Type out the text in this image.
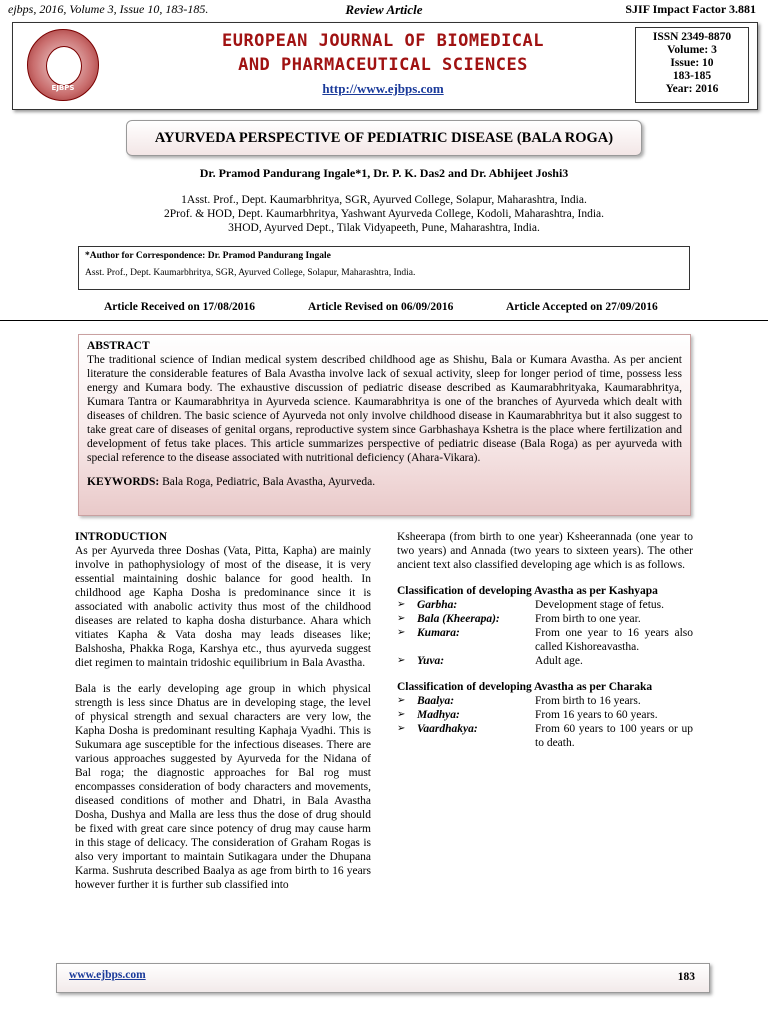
ejbps, 2016, Volume 3, Issue 10, 183-185.	Review Article	SJIF Impact Factor 3.881
EJBPS
EUROPEAN JOURNAL OF BIOMEDICAL
AND PHARMACEUTICAL SCIENCES
http://www.ejbps.com
ISSN 2349-8870
Volume: 3
Issue: 10
183-185
Year: 2016
AYURVEDA PERSPECTIVE OF PEDIATRIC DISEASE (BALA ROGA)
Dr. Pramod Pandurang Ingale*1, Dr. P. K. Das2 and Dr. Abhijeet Joshi3
1Asst. Prof., Dept. Kaumarbhritya, SGR, Ayurved College, Solapur, Maharashtra, India.
2Prof. & HOD, Dept. Kaumarbhritya, Yashwant Ayurveda College, Kodoli, Maharashtra, India.
3HOD, Ayurved Dept., Tilak Vidyapeeth, Pune, Maharashtra, India.
*Author for Correspondence: Dr. Pramod Pandurang Ingale
Asst. Prof., Dept. Kaumarbhritya, SGR, Ayurved College, Solapur, Maharashtra, India.
Article Received on 17/08/2016	Article Revised on 06/09/2016	Article Accepted on 27/09/2016
ABSTRACT
The traditional science of Indian medical system described childhood age as Shishu, Bala or Kumara Avastha. As per ancient literature the considerable features of Bala Avastha involve lack of sexual activity, sleep for longer period of time, possess less energy and Kumara body. The exhaustive discussion of pediatric disease described as Kaumarabhrityaka, Kaumarabhritya, Kumara Tantra or Kaumarabhritya in Ayurveda science. Kaumarabhritya is one of the branches of Ayurveda which dealt with diseases of children. The basic science of Ayurveda not only involve childhood disease in Kaumarabhritya but it also suggest to take great care of diseases of genital organs, reproductive system since Garbhashaya Kshetra is the place where fertilization and development of fetus take places. This article summarizes perspective of pediatric disease (Bala Roga) as per ayurveda with special reference to the disease associated with nutritional deficiency (Ahara-Vikara).
KEYWORDS: Bala Roga, Pediatric, Bala Avastha, Ayurveda.
INTRODUCTION

As per Ayurveda three Doshas (Vata, Pitta, Kapha) are mainly involve in pathophysiology of most of the disease, it is very essential maintaining doshic balance for good health. In childhood age Kapha Dosha is predominance since it is associated with anabolic activity thus most of the childhood diseases are related to kapha dosha disturbance. Ahara which vitiates Kapha & Vata dosha may leads diseases like; Balshosha, Phakka Roga, Karshya etc., thus ayurveda suggest diet regimen to maintain tridoshic equilibrium in Bala Avastha.

Bala is the early developing age group in which physical strength is less since Dhatus are in developing stage, the level of physical strength and sexual characters are very low, the Kapha Dosha is predominant resulting Kaphaja Vyadhi. This is Sukumara age susceptible for the infectious diseases. There are various approaches suggested by Ayurveda for the Nidana of Bal roga; the diagnostic approaches for Bal rog must encompasses consideration of body characters and movements, diseased conditions of mother and Dhatri, in Bala Avastha Dosha, Dushya and Malla are less thus the dose of drug should be fixed with great care since potency of drug may cause harm in this stage of delicacy. The consideration of Graham Rogas is also very important to maintain Sutikagara under the Dhupana Karma. Sushruta described Baalya as age from birth to 16 years however further it is further sub classified into

Ksheerapa (from birth to one year) Ksheerannada (one year to two years) and Annada (two years to sixteen years). The other ancient text also classified developing age which is as follows.

Classification of developing Avastha as per Kashyapa
➢	Garbha:	Development stage of fetus.
➢	Bala (Kheerapa):	From birth to one year.
➢	Kumara:	From one year to 16 years also called Kishoreavastha.
➢	Yuva:	Adult age.
Classification of developing Avastha as per Charaka
➢	Baalya:	From birth to 16 years.
➢	Madhya:	From 16 years to 60 years.
➢	Vaardhakya:	From 60 years to 100 years or up to death.
www.ejbps.com	183
